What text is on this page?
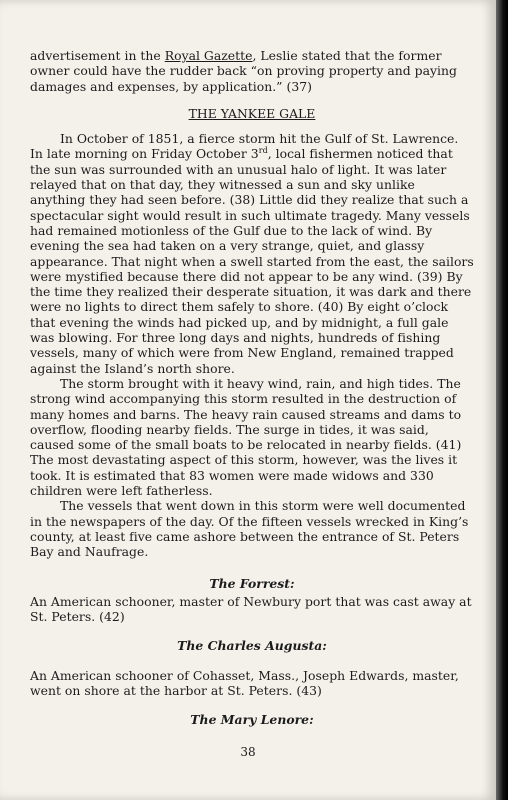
advertisement in the Royal Gazette, Leslie stated that the former owner could have the rudder back “on proving property and paying damages and expenses, by application.” (37)

THE YANKEE GALE

In October of 1851, a fierce storm hit the Gulf of St. Lawrence. In late morning on Friday October 3rd, local fishermen noticed that the sun was surrounded with an unusual halo of light. It was later relayed that on that day, they witnessed a sun and sky unlike anything they had seen before. (38) Little did they realize that such a spectacular sight would result in such ultimate tragedy. Many vessels had remained motionless of the Gulf due to the lack of wind. By evening the sea had taken on a very strange, quiet, and glassy appearance. That night when a swell started from the east, the sailors were mystified because there did not appear to be any wind. (39) By the time they realized their desperate situation, it was dark and there were no lights to direct them safely to shore. (40) By eight o’clock that evening the winds had picked up, and by midnight, a full gale was blowing. For three long days and nights, hundreds of fishing vessels, many of which were from New England, remained trapped against the Island’s north shore.

The storm brought with it heavy wind, rain, and high tides. The strong wind accompanying this storm resulted in the destruction of many homes and barns. The heavy rain caused streams and dams to overflow, flooding nearby fields. The surge in tides, it was said, caused some of the small boats to be relocated in nearby fields. (41) The most devastating aspect of this storm, however, was the lives it took. It is estimated that 83 women were made widows and 330 children were left fatherless.

The vessels that went down in this storm were well documented in the newspapers of the day. Of the fifteen vessels wrecked in King’s county, at least five came ashore between the entrance of St. Peters Bay and Naufrage.

The Forrest:

An American schooner, master of Newbury port that was cast away at St. Peters. (42)

The Charles Augusta:

An American schooner of Cohasset, Mass., Joseph Edwards, master, went on shore at the harbor at St. Peters. (43)

The Mary Lenore:

38
